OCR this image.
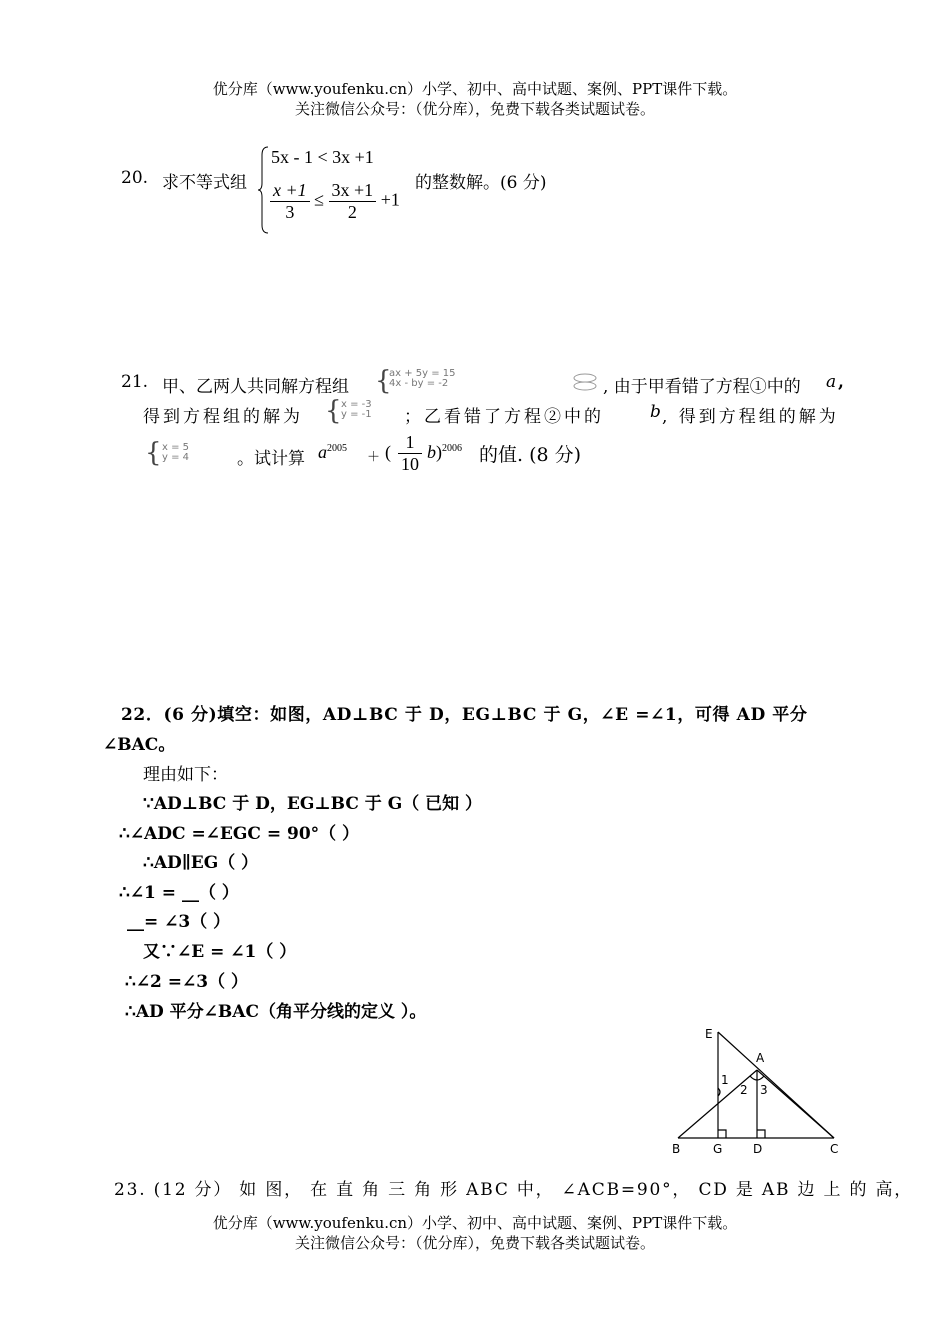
优分库（www.youfenku.cn）小学、初中、高中试题、案例、PPT课件下载。
关注微信公众号：（优分库），免费下载各类试题试卷。
20. 求不等式组
5x - 1 < 3x +1
$\frac{x +1}{3} \le \frac{3x +1}{2} +1$
的整数解。(6 分)
21. 甲、乙两人共同解方程组 {
ax + 5y = 15
4x - by = -2	, 由于甲看错了方程①中的 a ,
得到方程组的解为 { x = -3
y = -1 ；乙看错了方程②中的	b , 得到方程组的解为
{ x = 5
y = 4	。试计算 $a^{2005}$
＋ ( $\frac{1}{10} b)^{2006}$ 的值. (8 分)
22．(6 分)填空：如图，AD⊥BC 于 D，EG⊥BC 于 G，∠E =∠1，可得 AD 平分
∠BAC。
理由如下：
∵AD⊥BC 于 D，EG⊥BC 于 G（ 已知 ）
∴∠ADC =∠EGC = 90°（ ）
∴AD∥EG（ ）
∴∠1 = __（ ）
__= ∠3（ ）
又∵∠E = ∠1（ ）
∴∠2 =∠3（ ）
∴AD 平分∠BAC（角平分线的定义 ）。
E
A
1
2 3
B	G	D	C
23. (12 分） 如 图， 在 直 角 三 角 形 ABC 中， ∠ACB=90°， CD 是 AB 边 上 的 高，
优分库（www.youfenku.cn）小学、初中、高中试题、案例、PPT课件下载。
关注微信公众号：（优分库），免费下载各类试题试卷。
